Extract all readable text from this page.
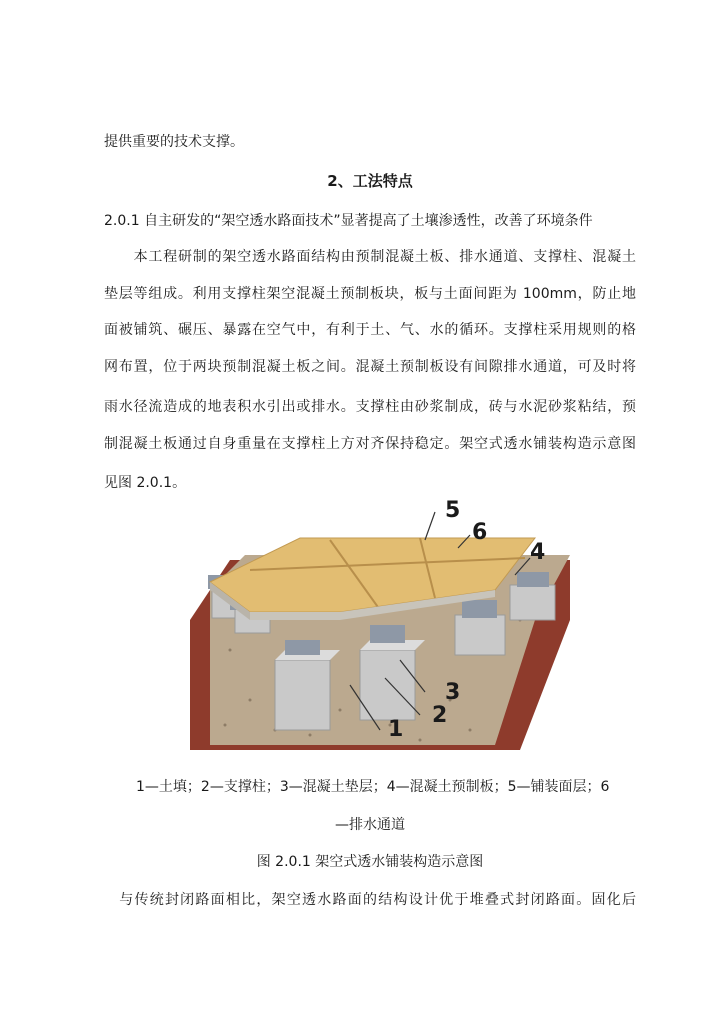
提供重要的技术支撑。
2、工法特点
2.0.1 自主研发的“架空透水路面技术”显著提高了土壤渗透性，改善了环境条件
　　本工程研制的架空透水路面结构由预制混凝土板、排水通道、支撑柱、混凝土
垫层等组成。利用支撑柱架空混凝土预制板块，板与土面间距为 100mm，防止地
面被铺筑、碾压、暴露在空气中，有利于土、气、水的循环。支撑柱采用规则的格
网布置，位于两块预制混凝土板之间。混凝土预制板设有间隙排水通道，可及时将
雨水径流造成的地表积水引出或排水。支撑柱由砂浆制成，砖与水泥砂浆粘结，预
制混凝土板通过自身重量在支撑柱上方对齐保持稳定。架空式透水铺装构造示意图
见图 2.0.1。
5
6
4
3
2
1
1—土填；2—支撑柱；3—混凝土垫层；4—混凝土预制板；5—铺装面层；6
—排水通道
图 2.0.1 架空式透水铺装构造示意图
　与传统封闭路面相比，架空透水路面的结构设计优于堆叠式封闭路面。固化后
